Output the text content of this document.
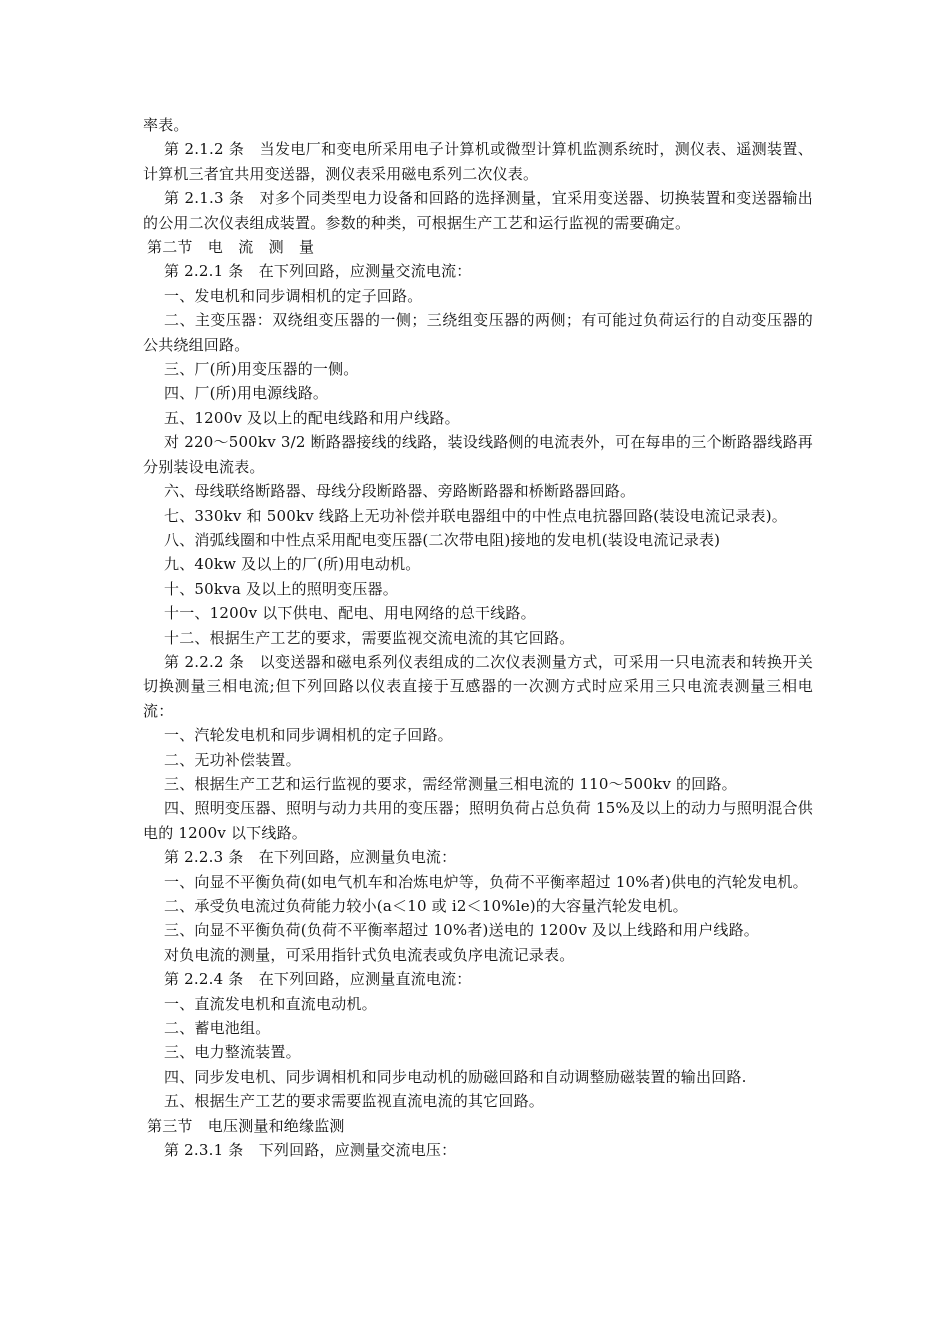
率表。

第 2.1.2 条　当发电厂和变电所采用电子计算机或微型计算机监测系统时，测仪表、遥测装置、计算机三者宜共用变送器，测仪表采用磁电系列二次仪表。

第 2.1.3 条　对多个同类型电力设备和回路的选择测量，宜采用变送器、切换装置和变送器输出的公用二次仪表组成装置。参数的种类，可根据生产工艺和运行监视的需要确定。

第二节　电　流　测　量

第 2.2.1 条　在下列回路，应测量交流电流：

一、发电机和同步调相机的定子回路。

二、主变压器：双绕组变压器的一侧；三绕组变压器的两侧；有可能过负荷运行的自动变压器的公共绕组回路。

三、厂(所)用变压器的一侧。

四、厂(所)用电源线路。

五、1200v 及以上的配电线路和用户线路。

对 220～500kv 3/2 断路器接线的线路，装设线路侧的电流表外，可在每串的三个断路器线路再分别装设电流表。

六、母线联络断路器、母线分段断路器、旁路断路器和桥断路器回路。

七、330kv 和 500kv 线路上无功补偿并联电器组中的中性点电抗器回路(装设电流记录表)。

八、消弧线圈和中性点采用配电变压器(二次带电阻)接地的发电机(装设电流记录表)

九、40kw 及以上的厂(所)用电动机。

十、50kva 及以上的照明变压器。

十一、1200v 以下供电、配电、用电网络的总干线路。

十二、根据生产工艺的要求，需要监视交流电流的其它回路。

第 2.2.2 条　以变送器和磁电系列仪表组成的二次仪表测量方式，可采用一只电流表和转换开关切换测量三相电流;但下列回路以仪表直接于互感器的一次测方式时应采用三只电流表测量三相电流：

一、汽轮发电机和同步调相机的定子回路。

二、无功补偿装置。

三、根据生产工艺和运行监视的要求，需经常测量三相电流的 110～500kv 的回路。

四、照明变压器、照明与动力共用的变压器；照明负荷占总负荷 15%及以上的动力与照明混合供电的 1200v 以下线路。

第 2.2.3 条　在下列回路，应测量负电流：

一、向显不平衡负荷(如电气机车和冶炼电炉等，负荷不平衡率超过 10%者)供电的汽轮发电机。

二、承受负电流过负荷能力较小(a＜10 或 i2＜10%le)的大容量汽轮发电机。

三、向显不平衡负荷(负荷不平衡率超过 10%者)送电的 1200v 及以上线路和用户线路。

对负电流的测量，可采用指针式负电流表或负序电流记录表。

第 2.2.4 条　在下列回路，应测量直流电流：

一、直流发电机和直流电动机。

二、蓄电池组。

三、电力整流装置。

四、同步发电机、同步调相机和同步电动机的励磁回路和自动调整励磁装置的输出回路.

五、根据生产工艺的要求需要监视直流电流的其它回路。

第三节　电压测量和绝缘监测

第 2.3.1 条　下列回路，应测量交流电压：
